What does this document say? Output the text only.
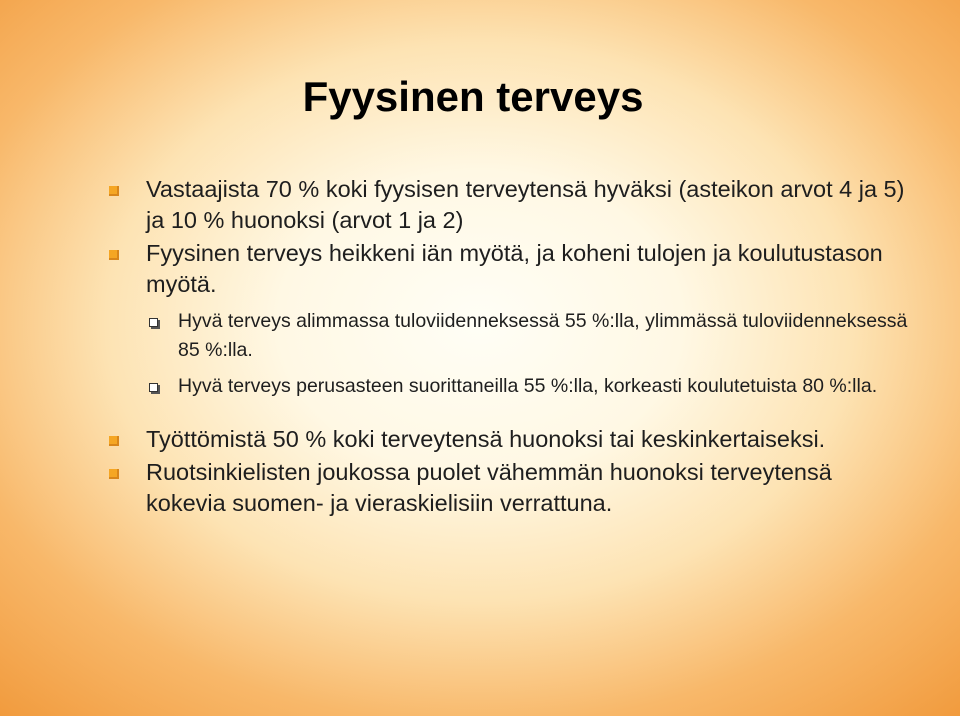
Fyysinen terveys
Vastaajista 70 % koki fyysisen terveytensä hyväksi (asteikon arvot 4 ja 5) ja 10 % huonoksi (arvot 1 ja 2)
Fyysinen terveys heikkeni iän myötä, ja koheni tulojen ja koulutustason myötä.
Hyvä terveys alimmassa tuloviidenneksessä 55 %:lla, ylimmässä tuloviidenneksessä 85 %:lla.
Hyvä terveys perusasteen suorittaneilla 55 %:lla, korkeasti koulutetuista 80 %:lla.
Työttömistä 50 % koki terveytensä huonoksi tai keskinkertaiseksi.
Ruotsinkielisten joukossa puolet vähemmän huonoksi terveytensä kokevia suomen- ja vieraskielisiin verrattuna.
